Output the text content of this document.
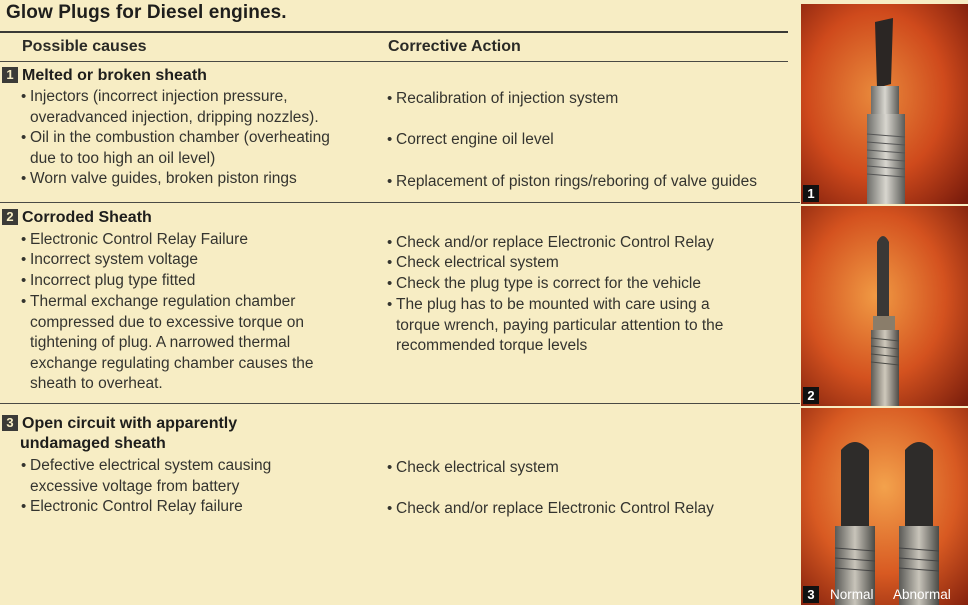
Glow Plugs for Diesel engines.
Possible causes	Corrective Action
1 Melted or broken sheath
• Injectors (incorrect injection pressure,
overadvanced injection, dripping nozzles).
• Oil in the combustion chamber (overheating
due to too high an oil level)
• Worn valve guides, broken piston rings
• Recalibration of injection system
• Correct engine oil level
• Replacement of piston rings/reboring of valve guides
2 Corroded Sheath
• Electronic Control Relay Failure
• Incorrect system voltage
• Incorrect plug type fitted
• Thermal exchange regulation chamber
compressed due to excessive torque on
tightening of plug. A narrowed thermal
exchange regulating chamber causes the
sheath to overheat.
• Check and/or replace Electronic Control Relay
• Check electrical system
• Check the plug type is correct for the vehicle
• The plug has to be mounted with care using a
torque wrench, paying particular attention to the
recommended torque levels
3 Open circuit with apparently
undamaged sheath
• Defective electrical system causing
excessive voltage from battery
• Electronic Control Relay failure
• Check electrical system
• Check and/or replace Electronic Control Relay
1
2
3	Normal Abnormal
